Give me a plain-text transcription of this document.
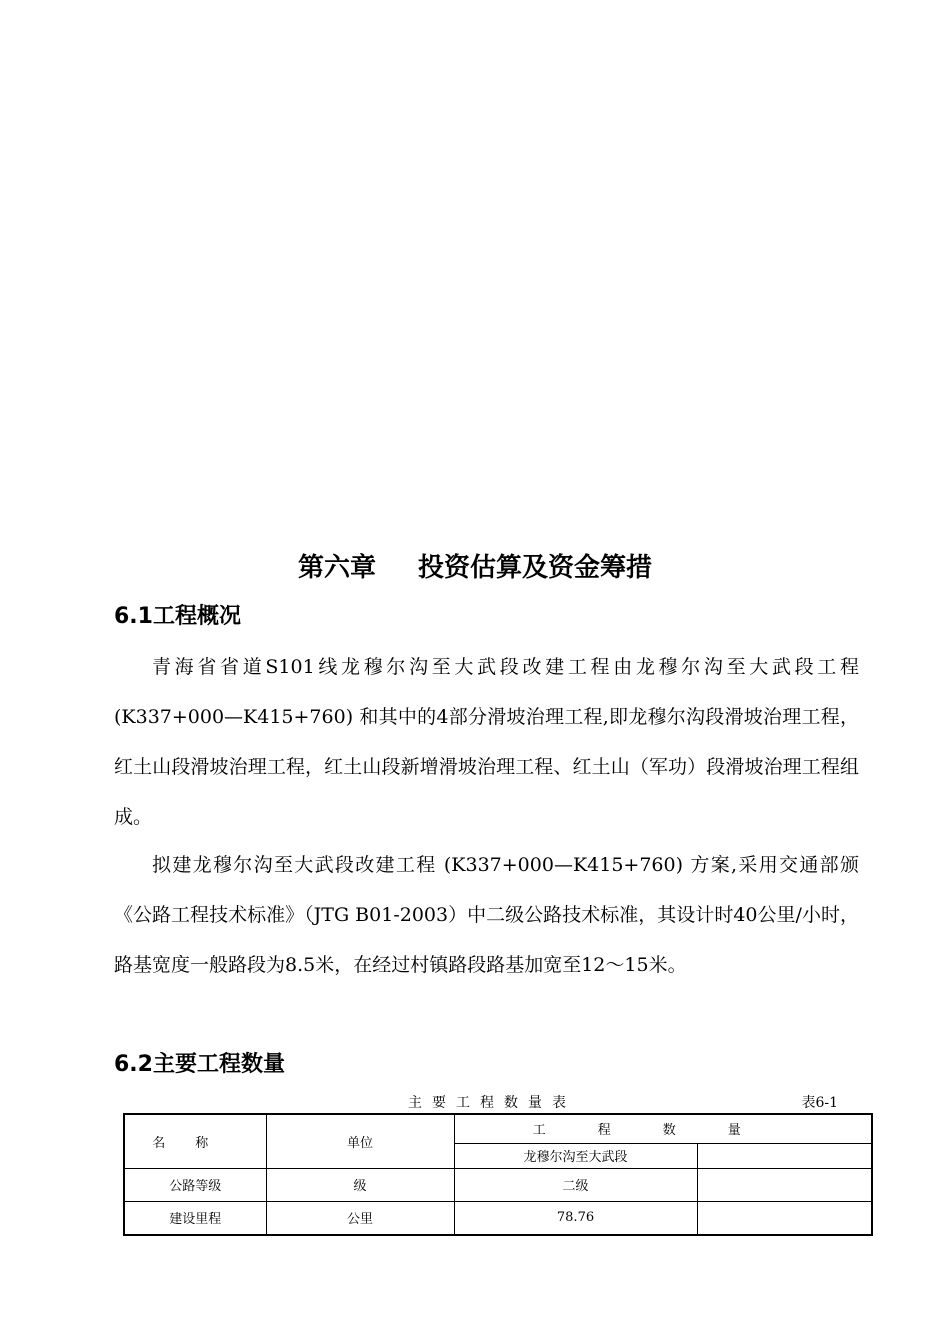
第六章 投资估算及资金筹措
6.1工程概况

青海省省道S101线龙穆尔沟至大武段改建工程由龙穆尔沟至大武段工程(K337+000—K415+760) 和其中的4部分滑坡治理工程,即龙穆尔沟段滑坡治理工程，红土山段滑坡治理工程，红土山段新增滑坡治理工程、红土山（军功）段滑坡治理工程组成。

拟建龙穆尔沟至大武段改建工程 (K337+000—K415+760) 方案,采用交通部颁《公路工程技术标准》（JTG B01-2003）中二级公路技术标准，其设计时40公里/小时，路基宽度一般路段为8.5米，在经过村镇路段路基加宽至12～15米。

6.2主要工程数量
主要工程数量表	表6-1
名称	单位	工程数量	
		龙穆尔沟至大武段	
公路等级	级	二级	
建设里程	公里	78.76	
